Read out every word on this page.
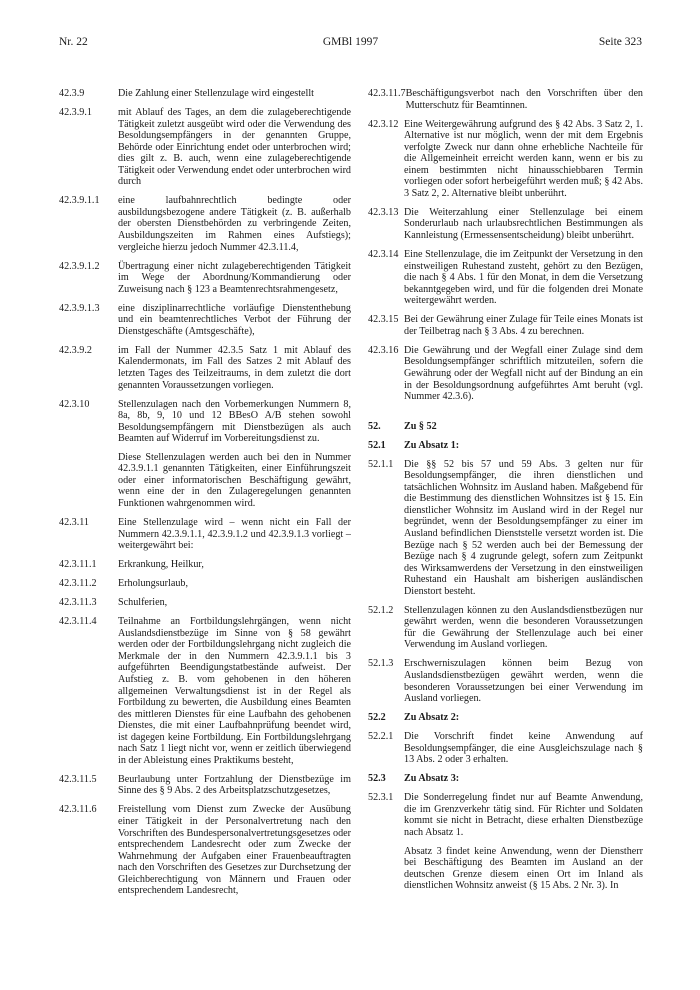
Nr. 22	GMBl 1997	Seite 323
42.3.9	Die Zahlung einer Stellenzulage wird eingestellt

42.3.9.1	mit Ablauf des Tages, an dem die zulageberechtigende Tätigkeit zuletzt ausgeübt wird oder die Verwendung des Besoldungsempfängers in der genannten Gruppe, Behörde oder Einrichtung endet oder unterbrochen wird; dies gilt z. B. auch, wenn eine zulageberechtigende Tätigkeit oder Verwendung endet oder unterbrochen wird durch

42.3.9.1.1	eine laufbahnrechtlich bedingte oder ausbildungsbezogene andere Tätigkeit (z. B. außerhalb der obersten Dienstbehörden zu verbringende Zeiten, Ausbildungszeiten im Rahmen eines Aufstiegs); vergleiche hierzu jedoch Nummer 42.3.11.4,

42.3.9.1.2	Übertragung einer nicht zulageberechtigenden Tätigkeit im Wege der Abordnung/Kommandierung oder Zuweisung nach § 123 a Beamtenrechtsrahmengesetz,

42.3.9.1.3	eine disziplinarrechtliche vorläufige Dienstenthebung und ein beamtenrechtliches Verbot der Führung der Dienstgeschäfte (Amtsgeschäfte),

42.3.9.2	im Fall der Nummer 42.3.5 Satz 1 mit Ablauf des Kalendermonats, im Fall des Satzes 2 mit Ablauf des letzten Tages des Teilzeitraums, in dem zuletzt die dort genannten Voraussetzungen vorliegen.

42.3.10	Stellenzulagen nach den Vorbemerkungen Nummern 8, 8a, 8b, 9, 10 und 12 BBesO A/B stehen sowohl Besoldungsempfängern mit Dienstbezügen als auch Beamten auf Widerruf im Vorbereitungsdienst zu.

Diese Stellenzulagen werden auch bei den in Nummer 42.3.9.1.1 genannten Tätigkeiten, einer Einführungszeit oder einer informatorischen Beschäftigung gewährt, wenn eine der in den Zulageregelungen genannten Funktionen wahrgenommen wird.

42.3.11	Eine Stellenzulage wird – wenn nicht ein Fall der Nummern 42.3.9.1.1, 42.3.9.1.2 und 42.3.9.1.3 vorliegt – weitergewährt bei:

42.3.11.1	Erkrankung, Heilkur,

42.3.11.2	Erholungsurlaub,

42.3.11.3	Schulferien,

42.3.11.4	Teilnahme an Fortbildungslehrgängen, wenn nicht Auslandsdienstbezüge im Sinne von § 58 gewährt werden oder der Fortbildungslehrgang nicht zugleich die Merkmale der in den Nummern 42.3.9.1.1 bis 3 aufgeführten Beendigungstatbestände aufweist. Der Aufstieg z. B. vom gehobenen in den höheren allgemeinen Verwaltungsdienst ist in der Regel als Fortbildung zu bewerten, die Ausbildung eines Beamten des mittleren Dienstes für eine Laufbahn des gehobenen Dienstes, die mit einer Laufbahnprüfung beendet wird, ist dagegen keine Fortbildung. Ein Fortbildungslehrgang nach Satz 1 liegt nicht vor, wenn er zeitlich überwiegend in der Ableistung eines Praktikums besteht,

42.3.11.5	Beurlaubung unter Fortzahlung der Dienstbezüge im Sinne des § 9 Abs. 2 des Arbeitsplatzschutzgesetzes,

42.3.11.6	Freistellung vom Dienst zum Zwecke der Ausübung einer Tätigkeit in der Personalvertretung nach den Vorschriften des Bundespersonalvertretungsgesetzes oder entsprechendem Landesrecht oder zum Zwecke der Wahrnehmung der Aufgaben einer Frauenbeauftragten nach den Vorschriften des Gesetzes zur Durchsetzung der Gleichberechtigung von Männern und Frauen oder entsprechendem Landesrecht,

42.3.11.7 Beschäftigungsverbot nach den Vorschriften über den Mutterschutz für Beamtinnen.

42.3.12 Eine Weitergewährung aufgrund des § 42 Abs. 3 Satz 2, 1. Alternative ist nur möglich, wenn der mit dem Ergebnis verfolgte Zweck nur dann ohne erhebliche Nachteile für die Allgemeinheit erreicht werden kann, wenn er bis zu einem bestimmten nicht hinausschiebbaren Termin vorliegen oder sofort herbeigeführt werden muß; § 42 Abs. 3 Satz 2, 2. Alternative bleibt unberührt.

42.3.13 Die Weiterzahlung einer Stellenzulage bei einem Sonderurlaub nach urlaubsrechtlichen Bestimmungen als Kannleistung (Ermessensentscheidung) bleibt unberührt.

42.3.14 Eine Stellenzulage, die im Zeitpunkt der Versetzung in den einstweiligen Ruhestand zusteht, gehört zu den Bezügen, die nach § 4 Abs. 1 für den Monat, in dem die Versetzung bekanntgegeben wird, und für die folgenden drei Monate weitergewährt werden.

42.3.15 Bei der Gewährung einer Zulage für Teile eines Monats ist der Teilbetrag nach § 3 Abs. 4 zu berechnen.

42.3.16 Die Gewährung und der Wegfall einer Zulage sind dem Besoldungsempfänger schriftlich mitzuteilen, sofern die Gewährung oder der Wegfall nicht auf der Bindung an ein in der Besoldungsordnung aufgeführtes Amt beruht (vgl. Nummer 42.3.6).

52.	Zu § 52

52.1	Zu Absatz 1:

52.1.1	Die §§ 52 bis 57 und 59 Abs. 3 gelten nur für Besoldungsempfänger, die ihren dienstlichen und tatsächlichen Wohnsitz im Ausland haben. Maßgebend für die Bestimmung des dienstlichen Wohnsitzes ist § 15. Ein dienstlicher Wohnsitz im Ausland wird in der Regel nur begründet, wenn der Besoldungsempfänger zu einer im Ausland befindlichen Dienststelle versetzt worden ist. Die Bezüge nach § 52 werden auch bei der Bemessung der Bezüge nach § 4 zugrunde gelegt, sofern zum Zeitpunkt des Wirksamwerdens der Versetzung in den einstweiligen Ruhestand ein Haushalt am bisherigen ausländischen Dienstort besteht.

52.1.2	Stellenzulagen können zu den Auslandsdienstbezügen nur gewährt werden, wenn die besonderen Voraussetzungen für die Gewährung der Stellenzulage auch bei einer Verwendung im Ausland vorliegen.

52.1.3	Erschwerniszulagen können beim Bezug von Auslandsdienstbezügen gewährt werden, wenn die besonderen Voraussetzungen bei einer Verwendung im Ausland vorliegen.

52.2	Zu Absatz 2:

52.2.1	Die Vorschrift findet keine Anwendung auf Besoldungsempfänger, die eine Ausgleichszulage nach § 13 Abs. 2 oder 3 erhalten.

52.3	Zu Absatz 3:

52.3.1	Die Sonderregelung findet nur auf Beamte Anwendung, die im Grenzverkehr tätig sind. Für Richter und Soldaten kommt sie nicht in Betracht, diese erhalten Dienstbezüge nach Absatz 1.

Absatz 3 findet keine Anwendung, wenn der Dienstherr bei Beschäftigung des Beamten im Ausland an der deutschen Grenze diesem einen Ort im Inland als dienstlichen Wohnsitz anweist (§ 15 Abs. 2 Nr. 3). In
